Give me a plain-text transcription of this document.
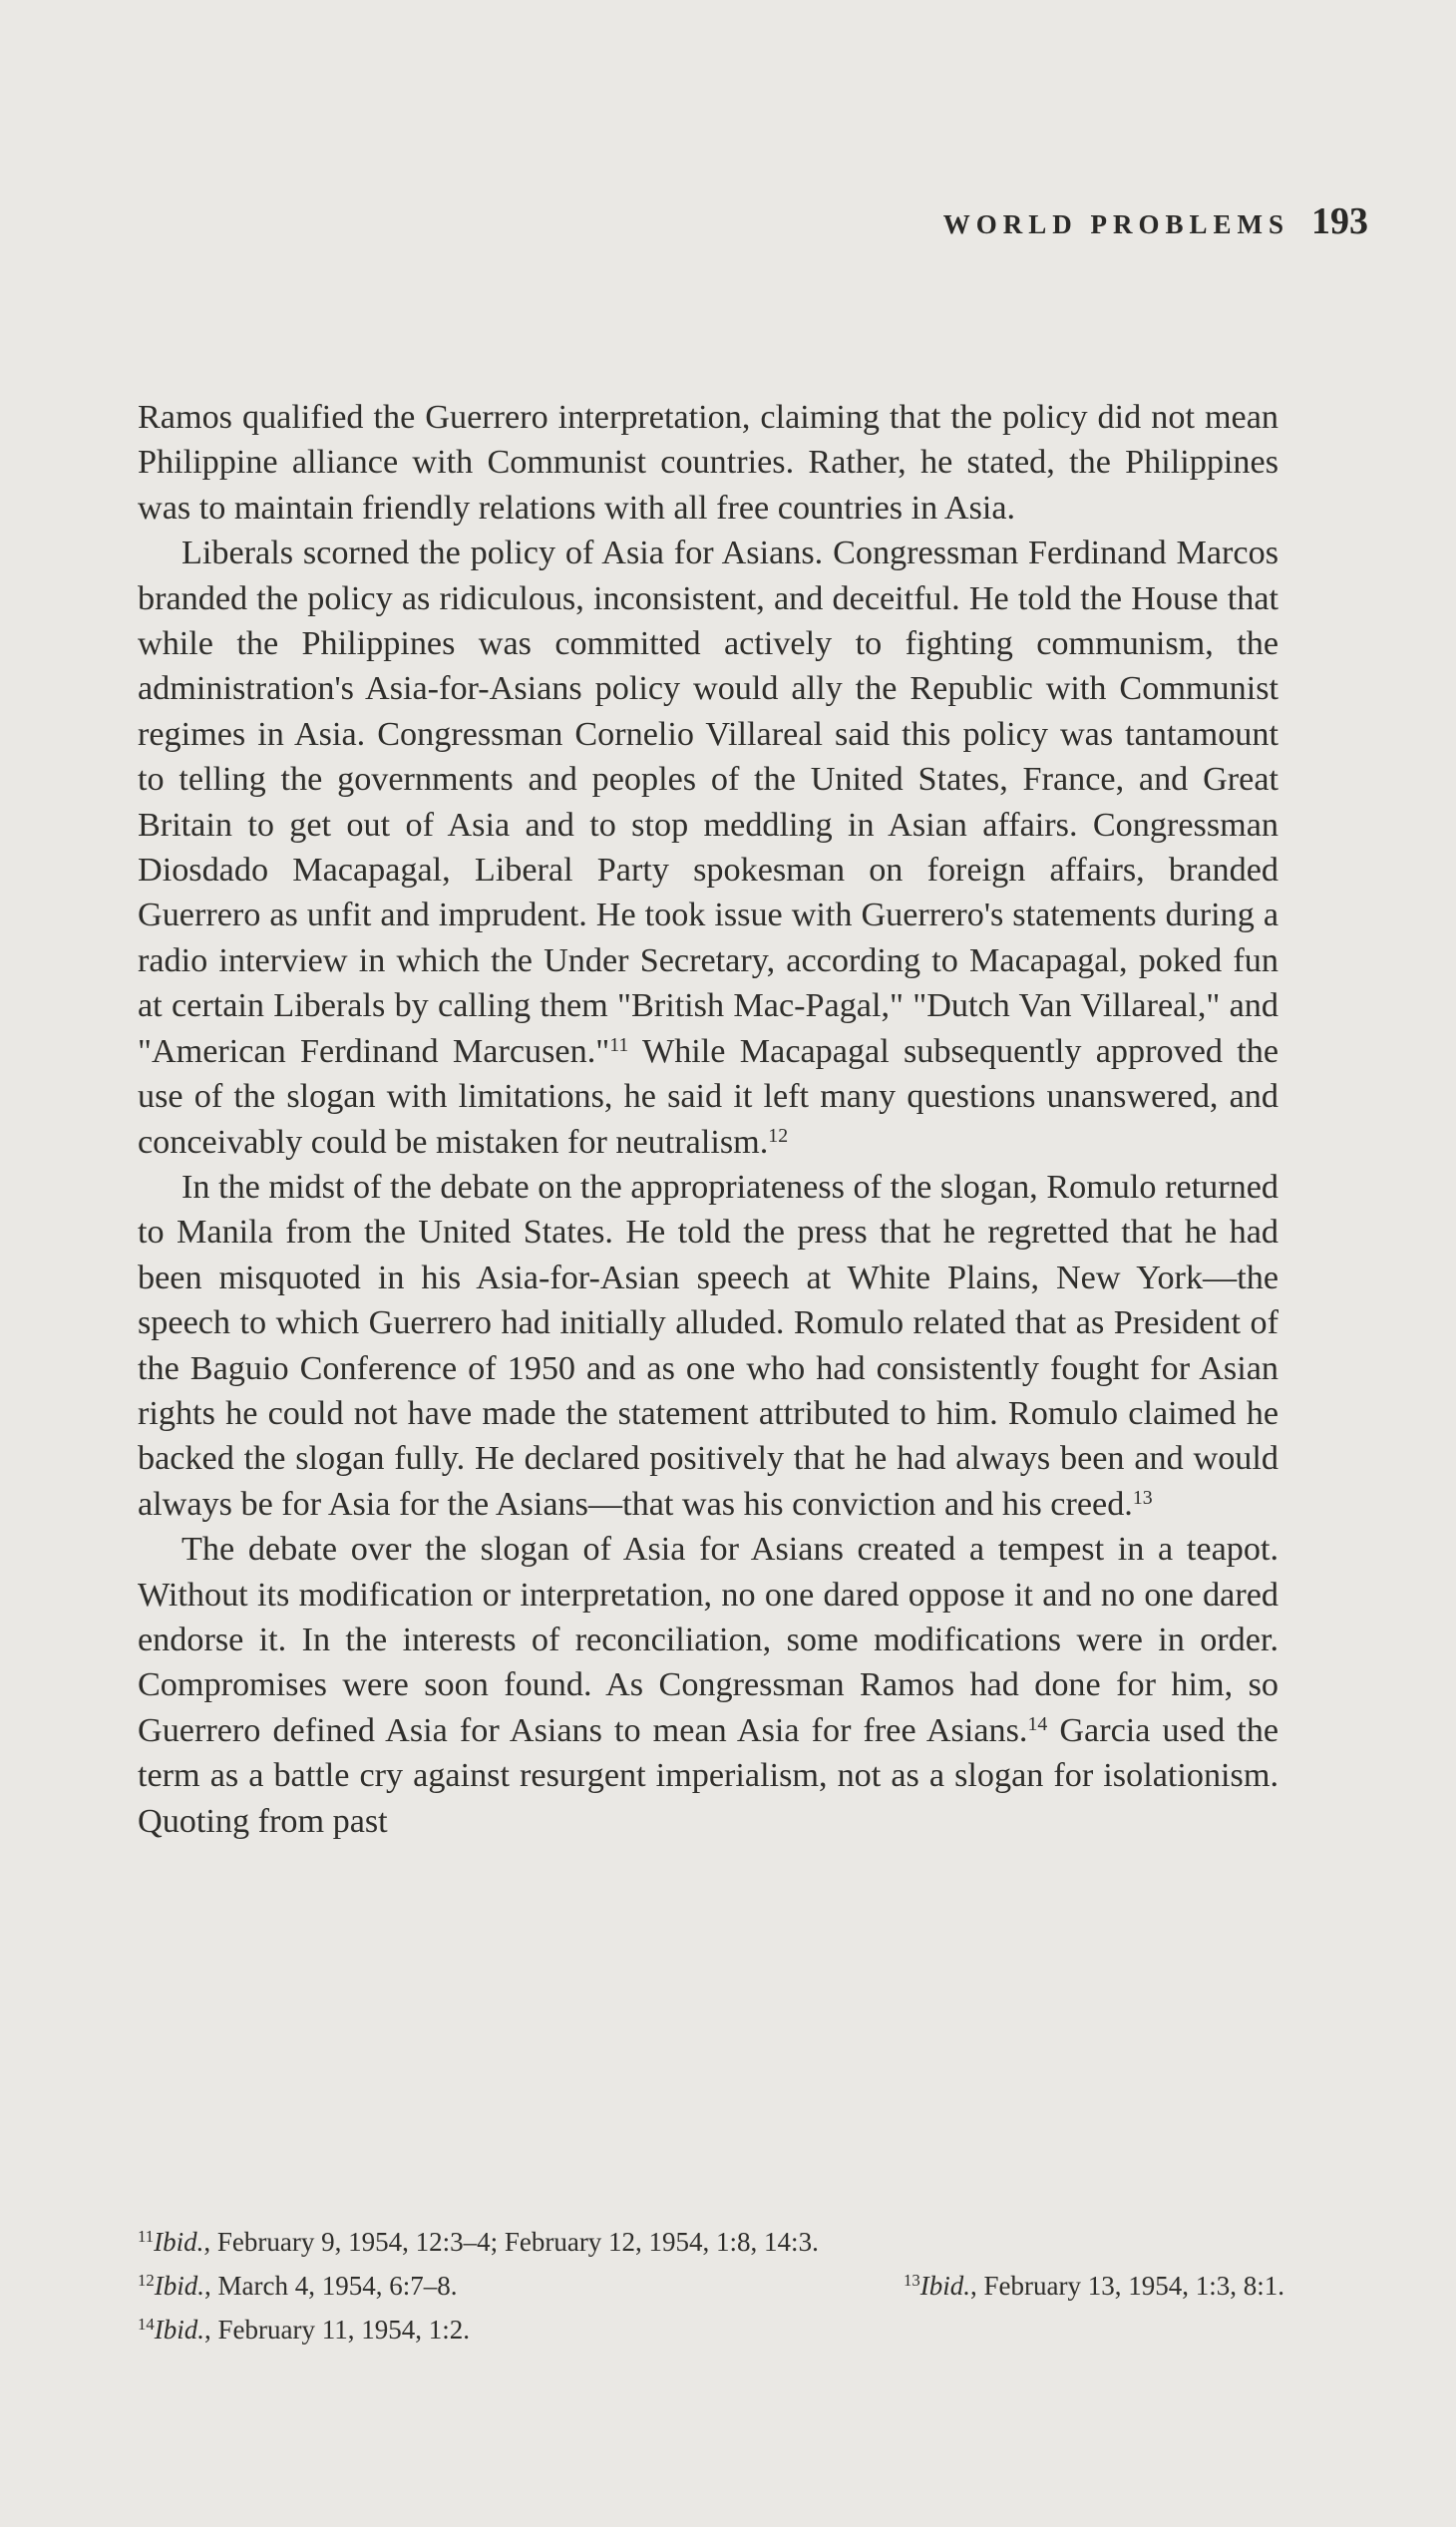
WORLD PROBLEMS 193

Ramos qualified the Guerrero interpretation, claiming that the policy did not mean Philippine alliance with Communist countries. Rather, he stated, the Philippines was to maintain friendly relations with all free countries in Asia.

Liberals scorned the policy of Asia for Asians. Congressman Ferdinand Marcos branded the policy as ridiculous, inconsistent, and deceitful. He told the House that while the Philippines was committed actively to fighting communism, the administration's Asia-for-Asians policy would ally the Republic with Communist regimes in Asia. Congressman Cornelio Villareal said this policy was tantamount to telling the governments and peoples of the United States, France, and Great Britain to get out of Asia and to stop meddling in Asian affairs. Congressman Diosdado Macapagal, Liberal Party spokesman on foreign affairs, branded Guerrero as unfit and imprudent. He took issue with Guerrero's statements during a radio interview in which the Under Secretary, according to Macapagal, poked fun at certain Liberals by calling them "British Mac-Pagal," "Dutch Van Villareal," and "American Ferdinand Marcusen."$^{11}$ While Macapagal subsequently approved the use of the slogan with limitations, he said it left many questions unanswered, and conceivably could be mistaken for neutralism.$^{12}$

In the midst of the debate on the appropriateness of the slogan, Romulo returned to Manila from the United States. He told the press that he regretted that he had been misquoted in his Asia-for-Asian speech at White Plains, New York—the speech to which Guerrero had initially alluded. Romulo related that as President of the Baguio Conference of 1950 and as one who had consistently fought for Asian rights he could not have made the statement attributed to him. Romulo claimed he backed the slogan fully. He declared positively that he had always been and would always be for Asia for the Asians—that was his conviction and his creed.$^{13}$

The debate over the slogan of Asia for Asians created a tempest in a teapot. Without its modification or interpretation, no one dared oppose it and no one dared endorse it. In the interests of reconciliation, some modifications were in order. Compromises were soon found. As Congressman Ramos had done for him, so Guerrero defined Asia for Asians to mean Asia for free Asians.$^{14}$ Garcia used the term as a battle cry against resurgent imperialism, not as a slogan for isolationism. Quoting from past

$^{11}$Ibid., February 9, 1954, 12:3–4; February 12, 1954, 1:8, 14:3.
$^{12}$Ibid., March 4, 1954, 6:7–8.	$^{13}$Ibid., February 13, 1954, 1:3, 8:1.
$^{14}$Ibid., February 11, 1954, 1:2.
